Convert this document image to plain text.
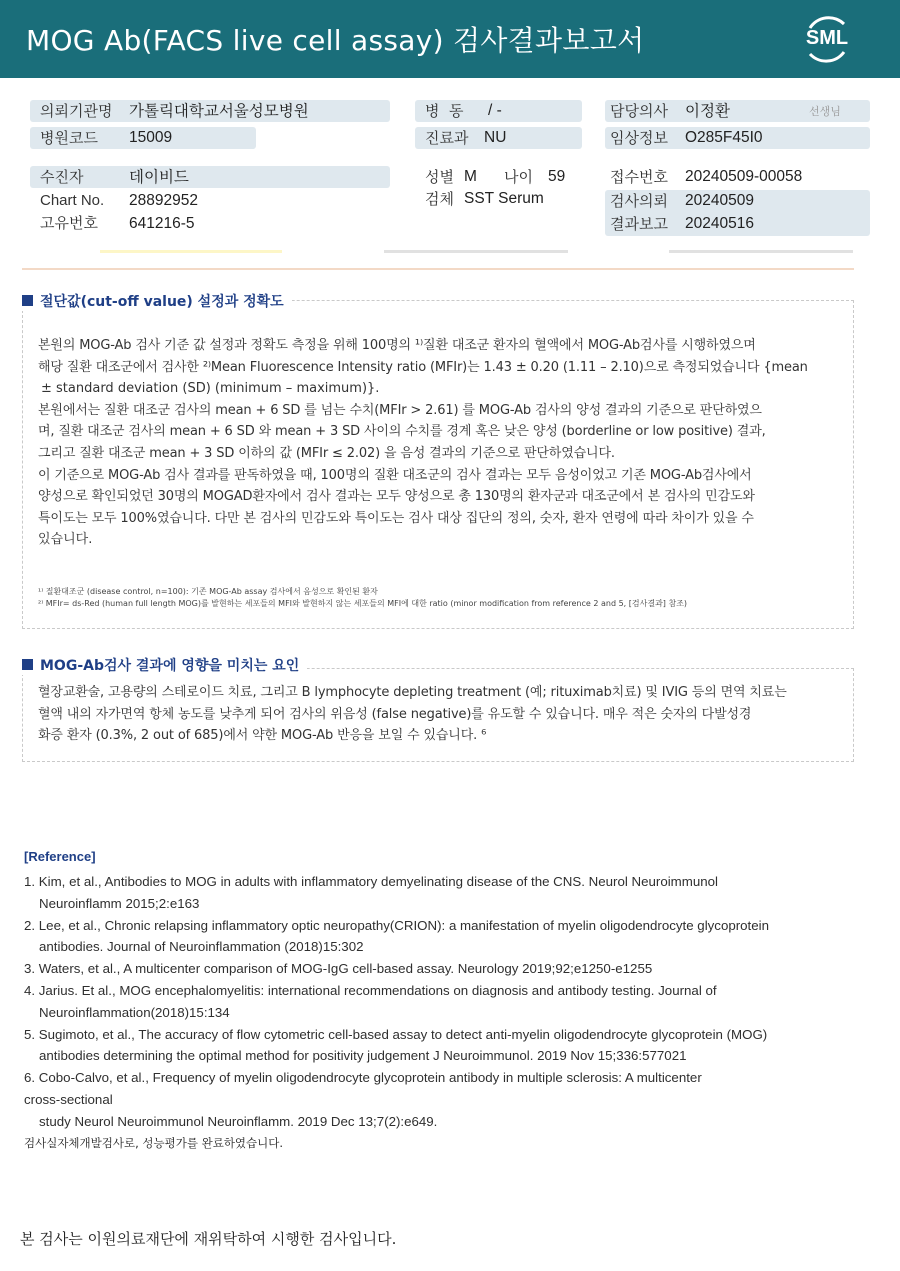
MOG Ab(FACS live cell assay) 검사결과보고서	SML
의뢰기관명 가톨릭대학교서울성모병원
병원코드 15009
수진자	데이비드
Chart No. 28892952
고유번호 641216-5
병  동 / -
진료과 NU
성별 M 나이 59
검체 SST Serum
담당의사 이정환	선생님
임상정보 O285F45I0
접수번호 20240509-00058
검사의뢰 20240509
결과보고 20240516
절단값(cut-off value) 설정과 정확도

본원의 MOG-Ab 검사 기준 값 설정과 정확도 측정을 위해 100명의 ¹⁾질환 대조군 환자의 혈액에서 MOG-Ab검사를 시행하였으며

해당 질환 대조군에서 검사한 ²⁾Mean Fluorescence Intensity ratio (MFIr)는 1.43 ± 0.20 (1.11 – 2.10)으로 측정되었습니다 {mean

± standard deviation (SD) (minimum – maximum)}.

본원에서는 질환 대조군 검사의 mean + 6 SD 를 넘는 수치(MFIr > 2.61) 를 MOG-Ab 검사의 양성 결과의 기준으로 판단하였으

며, 질환 대조군 검사의 mean + 6 SD 와 mean + 3 SD 사이의 수치를 경계 혹은 낮은 양성 (borderline or low positive) 결과,

그리고 질환 대조군 mean + 3 SD 이하의 값 (MFIr ≤ 2.02) 을 음성 결과의 기준으로 판단하였습니다.

이 기준으로 MOG-Ab 검사 결과를 판독하였을 때, 100명의 질환 대조군의 검사 결과는 모두 음성이었고 기존 MOG-Ab검사에서

양성으로 확인되었던 30명의 MOGAD환자에서 검사 결과는 모두 양성으로 총 130명의 환자군과 대조군에서 본 검사의 민감도와

특이도는 모두 100%였습니다. 다만 본 검사의 민감도와 특이도는 검사 대상 집단의 정의, 숫자, 환자 연령에 따라 차이가 있을 수

있습니다.

¹⁾ 질환대조군 (disease control, n=100): 기존 MOG-Ab assay 검사에서 음성으로 확인된 환자
²⁾ MFIr= ds-Red (human full length MOG)를 발현하는 세포들의 MFI와 발현하지 않는 세포들의 MFI에 대한 ratio (minor modification from reference 2 and 5, [검사결과] 참조)
MOG-Ab검사 결과에 영향을 미치는 요인

혈장교환술, 고용량의 스테로이드 치료, 그리고 B lymphocyte depleting treatment (예; rituximab치료) 및 IVIG 등의 면역 치료는

혈액 내의 자가면역 항체 농도를 낮추게 되어 검사의 위음성 (false negative)를 유도할 수 있습니다. 매우 적은 숫자의 다발성경

화증 환자 (0.3%, 2 out of 685)에서 약한 MOG-Ab 반응을 보일 수 있습니다. ⁶

[Reference]
1. Kim, et al., Antibodies to MOG in adults with inflammatory demyelinating disease of the CNS. Neurol Neuroimmunol
Neuroinflamm 2015;2:e163
2. Lee, et al., Chronic relapsing inflammatory optic neuropathy(CRION): a manifestation of myelin oligodendrocyte glycoprotein
antibodies. Journal of Neuroinflammation (2018)15:302
3. Waters, et al., A multicenter comparison of MOG-IgG cell-based assay. Neurology 2019;92;e1250-e1255
4. Jarius. Et al., MOG encephalomyelitis: international recommendations on diagnosis and antibody testing. Journal of
Neuroinflammation(2018)15:134
5. Sugimoto, et al., The accuracy of flow cytometric cell-based assay to detect anti-myelin oligodendrocyte glycoprotein (MOG)
antibodies determining the optimal method for positivity judgement J Neuroimmunol. 2019 Nov 15;336:577021
6. Cobo-Calvo, et al., Frequency of myelin oligodendrocyte glycoprotein antibody in multiple sclerosis: A multicenter
cross-sectional
study Neurol Neuroimmunol Neuroinflamm. 2019 Dec 13;7(2):e649.
검사실자체개발검사로, 성능평가를 완료하였습니다.
본 검사는 이원의료재단에 재위탁하여 시행한 검사입니다.
